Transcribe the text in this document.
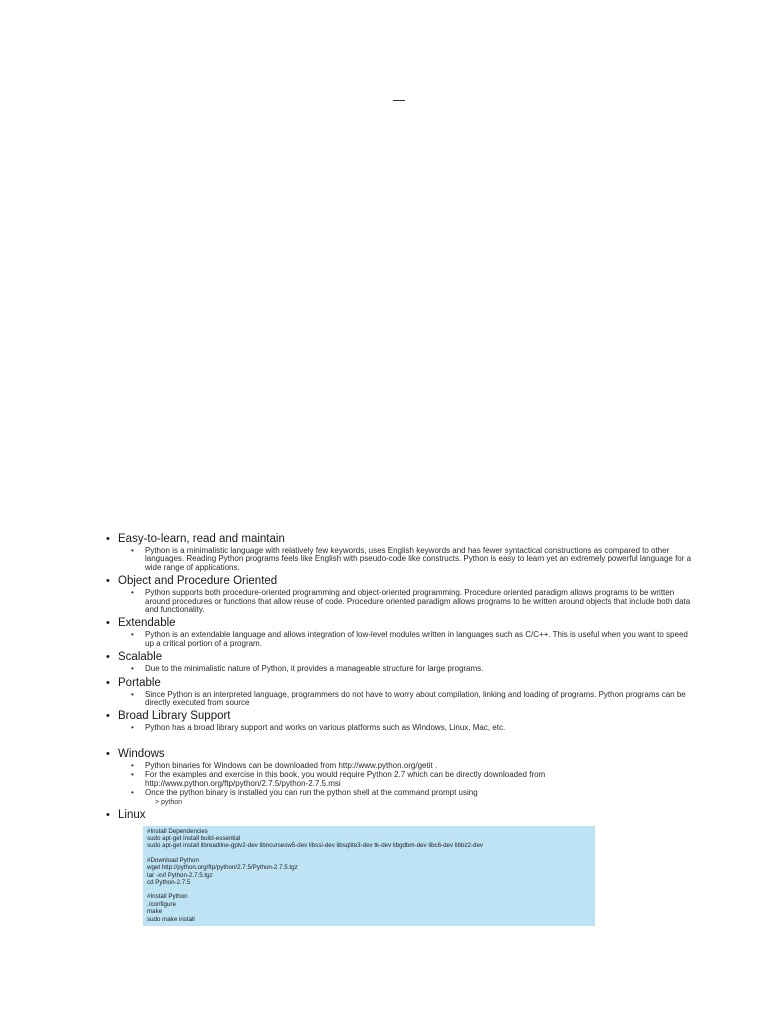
• Easy-to-learn, read and maintain
•	Python is a minimalistic language with relatively few keywords, uses English keywords and has fewer syntactical constructions as compared to other languages. Reading Python programs feels like English with pseudo-code like constructs. Python is easy to learn yet an extremely powerful language for a wide range of applications.
• Object and Procedure Oriented
•	Python supports both procedure-oriented programming and object-oriented programming. Procedure oriented paradigm allows programs to be written around procedures or functions that allow reuse of code. Procedure oriented paradigm allows programs to be written around objects that include both data and functionality.
• Extendable
•	Python is an extendable language and allows integration of low-level modules written in languages such as C/C++. This is useful when you want to speed up a critical portion of a program.
• Scalable
•	Due to the minimalistic nature of Python, it provides a manageable structure for large programs.
• Portable
•	Since Python is an interpreted language, programmers do not have to worry about compilation, linking and loading of programs. Python programs can be directly executed from source
• Broad Library Support
•	Python has a broad library support and works on various platforms such as Windows, Linux, Mac, etc.
• Windows
•	Python binaries for Windows can be downloaded from http://www.python.org/getit .
•	For the examples and exercise in this book, you would require Python 2.7 which can be directly downloaded from http://www.python.org/ftp/python/2.7.5/python-2.7.5.msi
•	Once the python binary is installed you can run the python shell at the command prompt using
> python
• Linux
#Install Dependencies
sudo apt-get install build-essential
sudo apt-get install libreadline-gplv2-dev libncursesw5-dev libssl-dev libsqlite3-dev tk-dev libgdbm-dev libc6-dev libbz2-dev
#Download Python
wget http://python.org/ftp/python/2.7.5/Python-2.7.5.tgz
tar -xvf Python-2.7.5.tgz
cd Python-2.7.5
#Install Python
./configure
make
sudo make install
